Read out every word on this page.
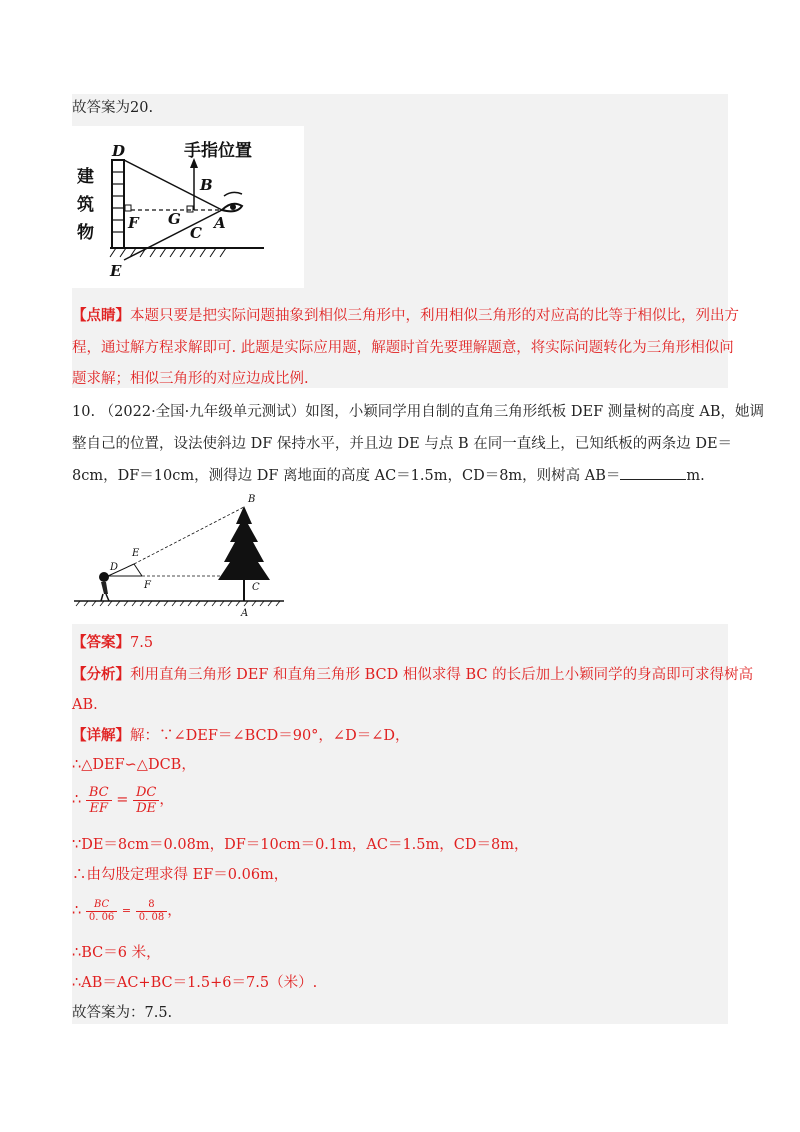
故答案为20.
建
筑
物
手指位置
D
B
G A
C
F
E
【点睛】本题只要是把实际问题抽象到相似三角形中，利用相似三角形的对应高的比等于相似比，列出方
程，通过解方程求解即可. 此题是实际应用题，解题时首先要理解题意，将实际问题转化为三角形相似问
题求解；相似三角形的对应边成比例.
10. （2022·全国·九年级单元测试）如图，小颖同学用自制的直角三角形纸板 DEF 测量树的高度 AB，她调
整自己的位置，设法使斜边 DF 保持水平，并且边 DE 与点 B 在同一直线上，已知纸板的两条边 DE＝
8cm，DF＝10cm，测得边 DF 离地面的高度 AC＝1.5m，CD＝8m，则树高 AB＝	m.
B
E
D
F	C
A
【答案】7.5
【分析】利用直角三角形 DEF 和直角三角形 BCD 相似求得 BC 的长后加上小颖同学的身高即可求得树高
AB.
【详解】解：∵∠DEF＝∠BCD＝90°，∠D＝∠D，
∴△DEF∽△DCB，
∴ $\frac{BC}{EF} = \frac{DC}{DE}$ ，
∵DE＝8cm＝0.08m，DF＝10cm＝0.1m，AC＝1.5m，CD＝8m，
∴由勾股定理求得 EF＝0.06m，
∴ $\frac{BC}{0. 06} = \frac{8}{0. 08}$ ，
∴BC＝6 米，
∴AB＝AC+BC＝1.5+6＝7.5（米）.
故答案为：7.5.
